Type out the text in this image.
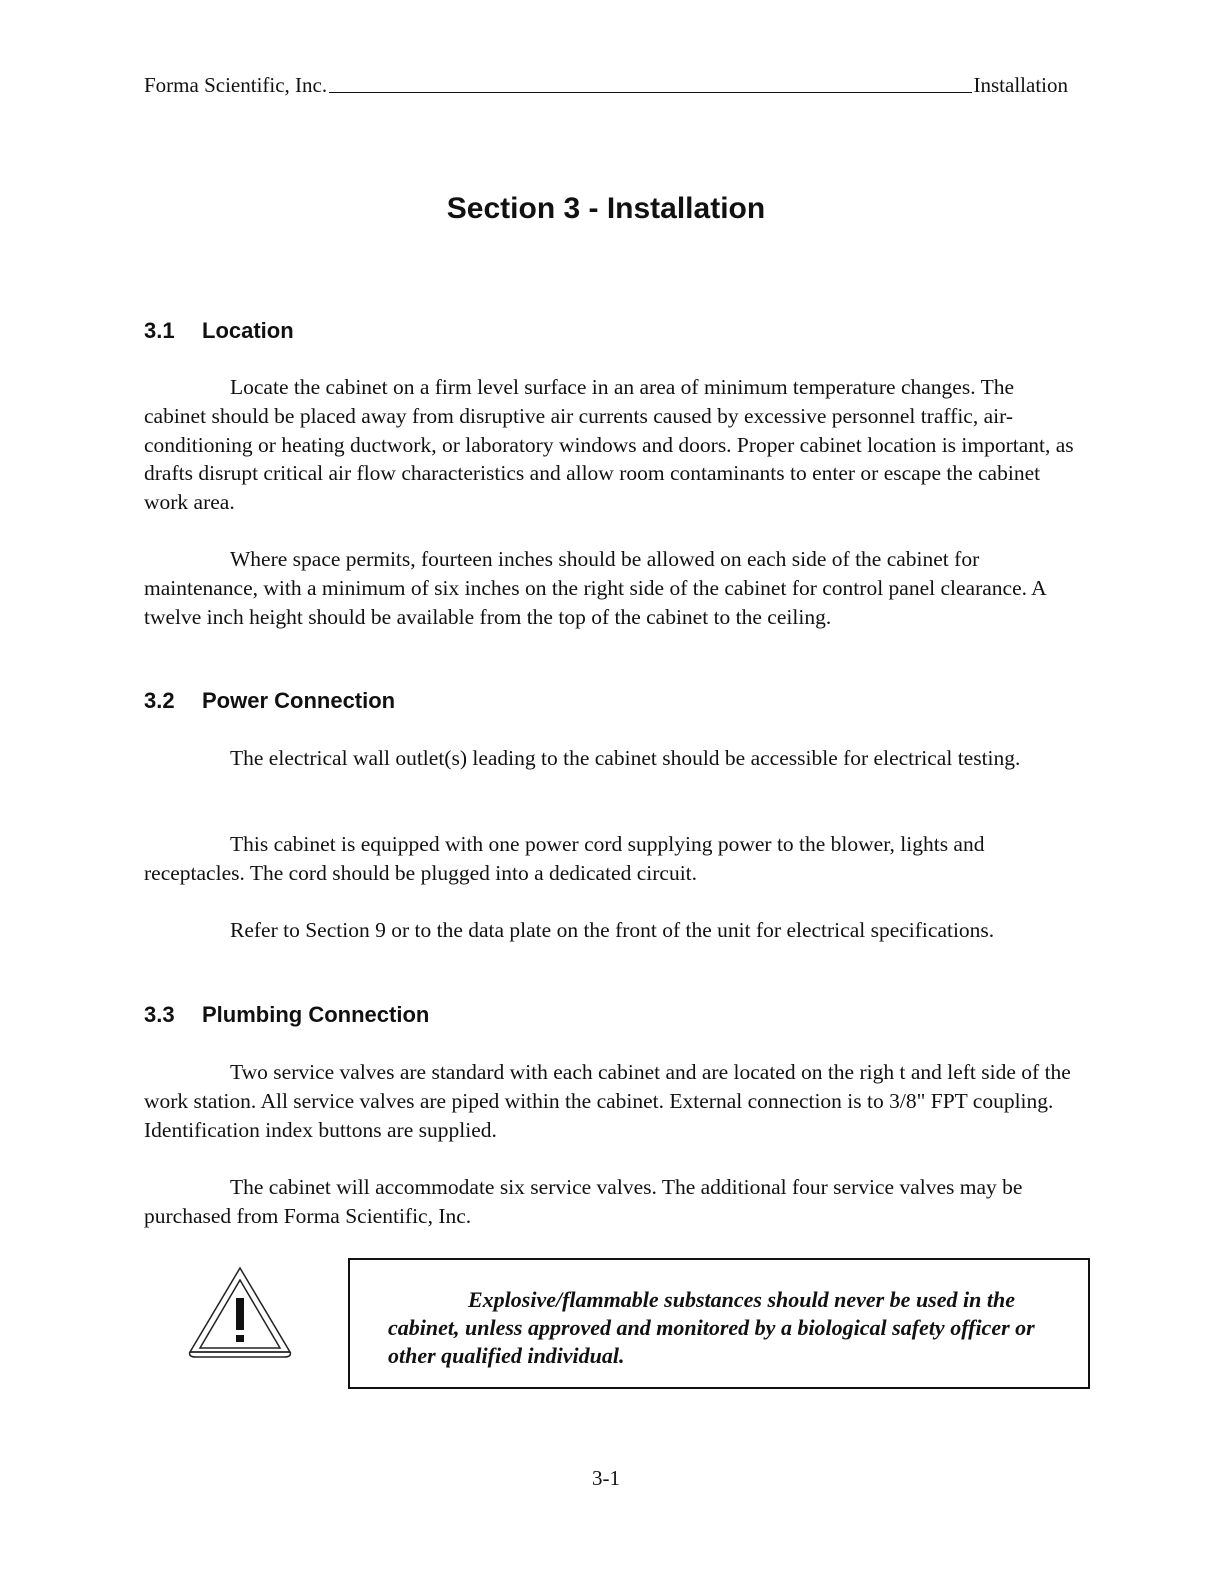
Forma Scientific, Inc.	Installation
Section 3 - Installation
3.1	Location

Locate the cabinet on a firm level surface in an area of minimum temperature changes. The cabinet should be placed away from disruptive air currents caused by excessive personnel traffic, air-conditioning or heating ductwork, or laboratory windows and doors. Proper cabinet location is important, as drafts disrupt critical air flow characteristics and allow room contaminants to enter or escape the cabinet work area.

Where space permits, fourteen inches should be allowed on each side of the cabinet for maintenance, with a minimum of six inches on the right side of the cabinet for control panel clearance. A twelve inch height should be available from the top of the cabinet to the ceiling.

3.2	Power Connection

The electrical wall outlet(s) leading to the cabinet should be accessible for electrical testing.

This cabinet is equipped with one power cord supplying power to the blower, lights and receptacles. The cord should be plugged into a dedicated circuit.

Refer to Section 9 or to the data plate on the front of the unit for electrical specifications.

3.3	Plumbing Connection

Two service valves are standard with each cabinet and are located on the righ t and left side of the work station. All service valves are piped within the cabinet. External connection is to 3/8" FPT coupling. Identification index buttons are supplied.

The cabinet will accommodate six service valves. The additional four service valves may be purchased from Forma Scientific, Inc.

Explosive/flammable substances should never be used in the cabinet, unless approved and monitored by a biological safety officer or other qualified individual.

3-1
